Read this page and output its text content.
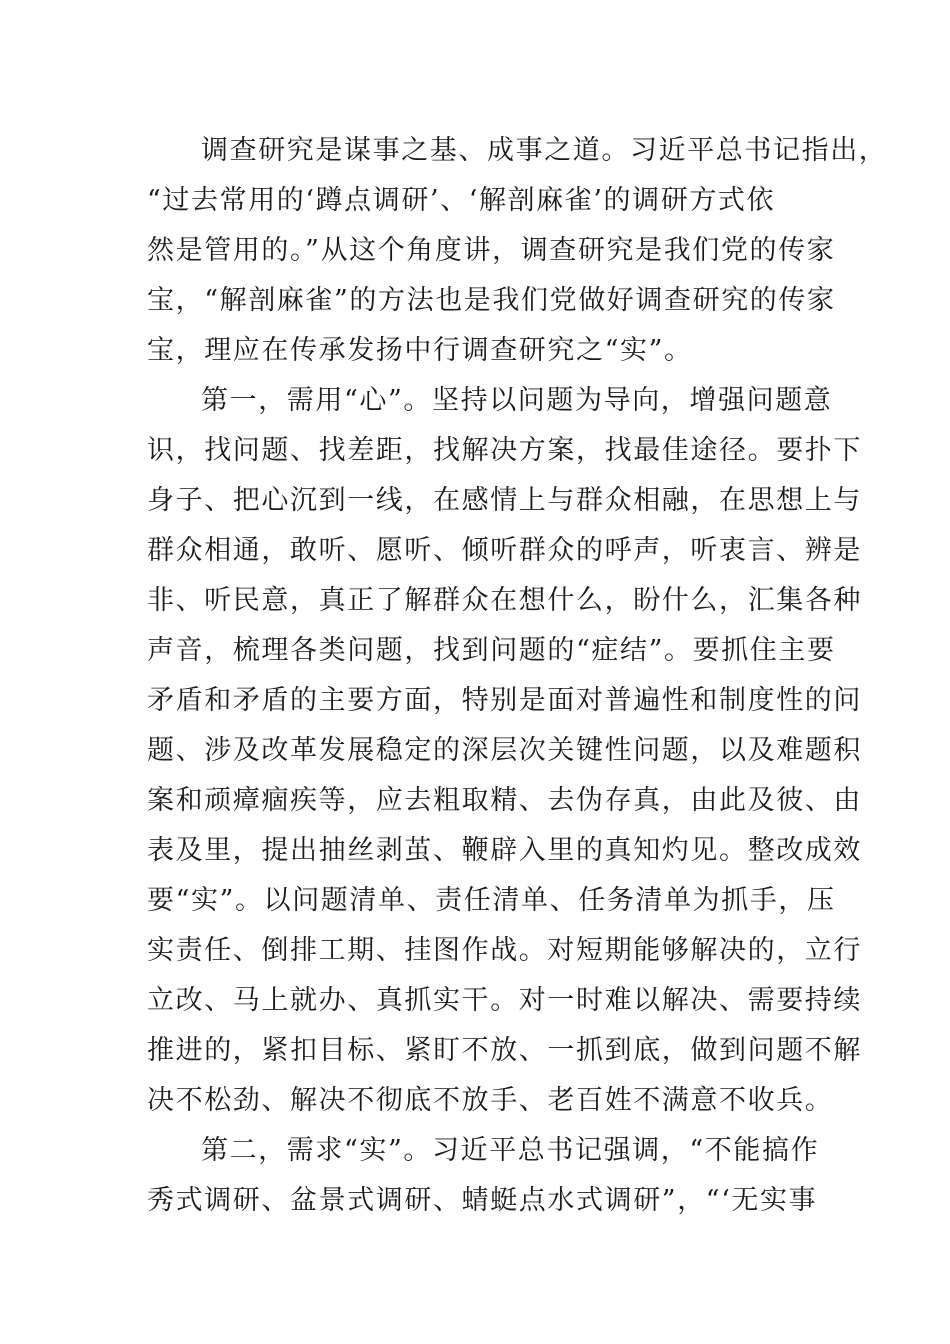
调查研究是谋事之基、成事之道。习近平总书记指出，
“过去常用的‘蹲点调研’、‘解剖麻雀’的调研方式依
然是管用的。”从这个角度讲，调查研究是我们党的传家
宝，“解剖麻雀”的方法也是我们党做好调查研究的传家
宝，理应在传承发扬中行调查研究之“实”。
第一，需用“心”。坚持以问题为导向，增强问题意
识，找问题、找差距，找解决方案，找最佳途径。要扑下
身子、把心沉到一线，在感情上与群众相融，在思想上与
群众相通，敢听、愿听、倾听群众的呼声，听衷言、辨是
非、听民意，真正了解群众在想什么，盼什么，汇集各种
声音，梳理各类问题，找到问题的“症结”。要抓住主要
矛盾和矛盾的主要方面，特别是面对普遍性和制度性的问
题、涉及改革发展稳定的深层次关键性问题，以及难题积
案和顽瘴痼疾等，应去粗取精、去伪存真，由此及彼、由
表及里，提出抽丝剥茧、鞭辟入里的真知灼见。整改成效
要“实”。以问题清单、责任清单、任务清单为抓手，压
实责任、倒排工期、挂图作战。对短期能够解决的，立行
立改、马上就办、真抓实干。对一时难以解决、需要持续
推进的，紧扣目标、紧盯不放、一抓到底，做到问题不解
决不松劲、解决不彻底不放手、老百姓不满意不收兵。
第二，需求“实”。习近平总书记强调，“不能搞作
秀式调研、盆景式调研、蜻蜓点水式调研”，“‘无实事
